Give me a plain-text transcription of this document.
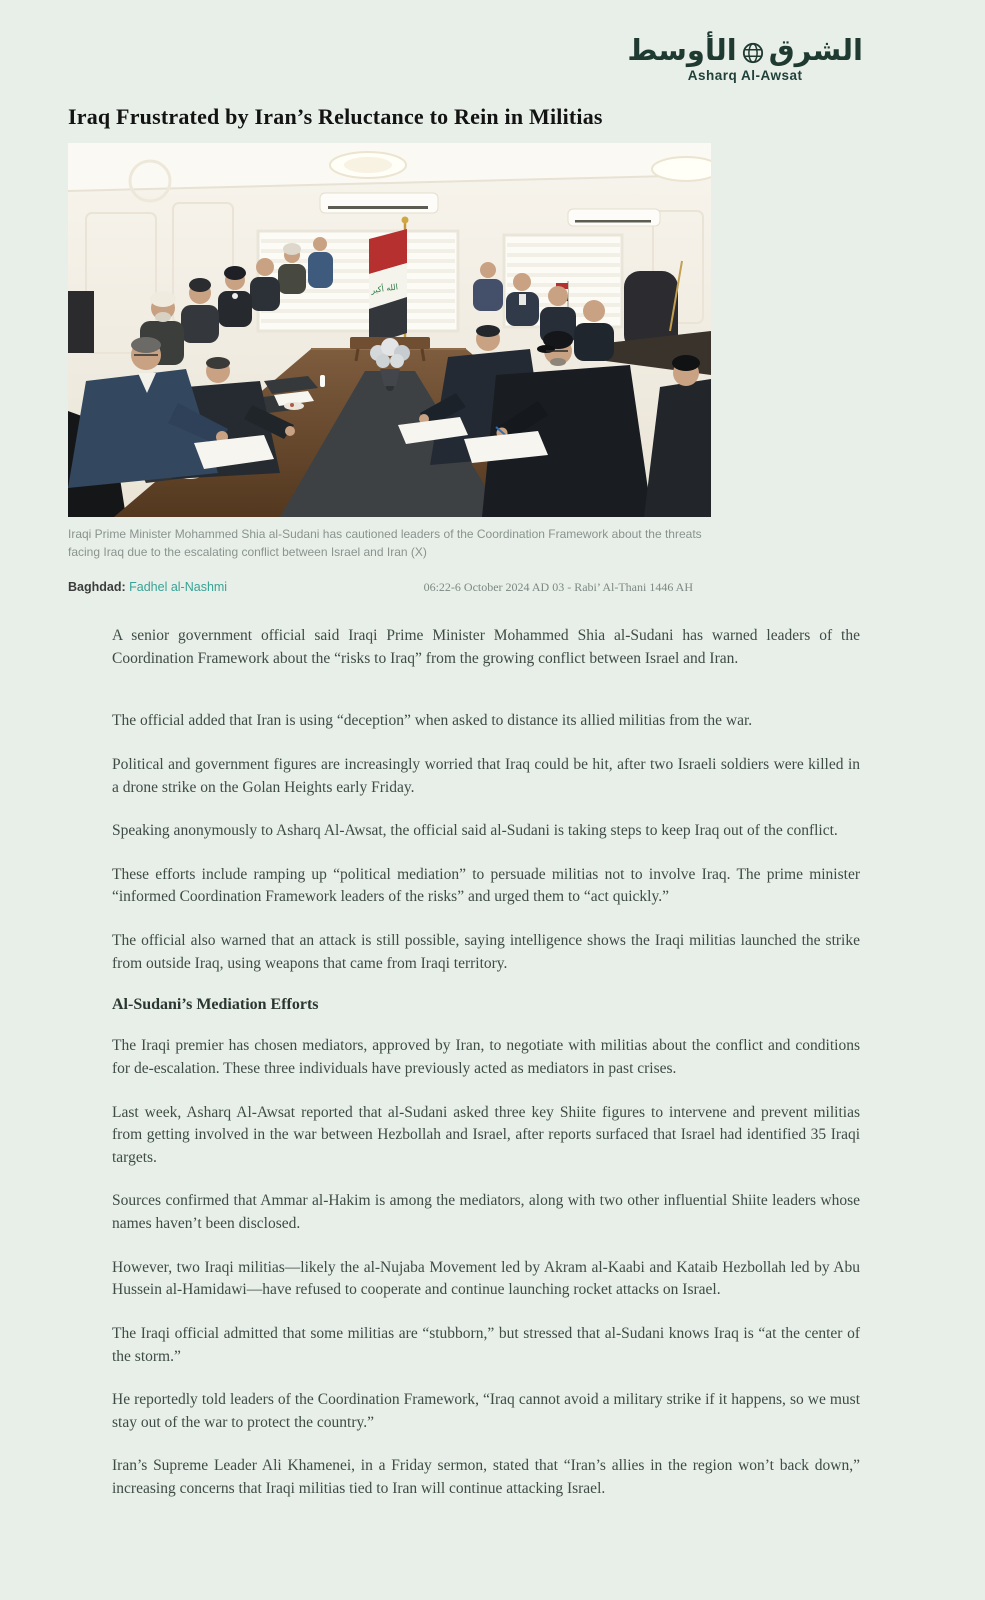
الشرق
الأوسط
Asharq Al-Awsat
Iraq Frustrated by Iran’s Reluctance to Rein in Militias
الله أكبر
Iraqi Prime Minister Mohammed Shia al-Sudani has cautioned leaders of the Coordination Framework about the threats facing Iraq due to the escalating conflict between Israel and Iran (X)
Baghdad: Fadhel al-Nashmi	06:22-6 October 2024 AD 03 - Rabi’ Al-Thani 1446 AH

A senior government official said Iraqi Prime Minister Mohammed Shia al-Sudani has warned leaders of the Coordination Framework about the “risks to Iraq” from the growing conflict between Israel and Iran.

The official added that Iran is using “deception” when asked to distance its allied militias from the war.

Political and government figures are increasingly worried that Iraq could be hit, after two Israeli soldiers were killed in a drone strike on the Golan Heights early Friday.

Speaking anonymously to Asharq Al-Awsat, the official said al-Sudani is taking steps to keep Iraq out of the conflict.

These efforts include ramping up “political mediation” to persuade militias not to involve Iraq. The prime minister “informed Coordination Framework leaders of the risks” and urged them to “act quickly.”

The official also warned that an attack is still possible, saying intelligence shows the Iraqi militias launched the strike from outside Iraq, using weapons that came from Iraqi territory.

Al-Sudani’s Mediation Efforts

The Iraqi premier has chosen mediators, approved by Iran, to negotiate with militias about the conflict and conditions for de-escalation. These three individuals have previously acted as mediators in past crises.

Last week, Asharq Al-Awsat reported that al-Sudani asked three key Shiite figures to intervene and prevent militias from getting involved in the war between Hezbollah and Israel, after reports surfaced that Israel had identified 35 Iraqi targets.

Sources confirmed that Ammar al-Hakim is among the mediators, along with two other influential Shiite leaders whose names haven’t been disclosed.

However, two Iraqi militias—likely the al-Nujaba Movement led by Akram al-Kaabi and Kataib Hezbollah led by Abu Hussein al-Hamidawi—have refused to cooperate and continue launching rocket attacks on Israel.

The Iraqi official admitted that some militias are “stubborn,” but stressed that al-Sudani knows Iraq is “at the center of the storm.”

He reportedly told leaders of the Coordination Framework, “Iraq cannot avoid a military strike if it happens, so we must stay out of the war to protect the country.”

Iran’s Supreme Leader Ali Khamenei, in a Friday sermon, stated that “Iran’s allies in the region won’t back down,” increasing concerns that Iraqi militias tied to Iran will continue attacking Israel.
